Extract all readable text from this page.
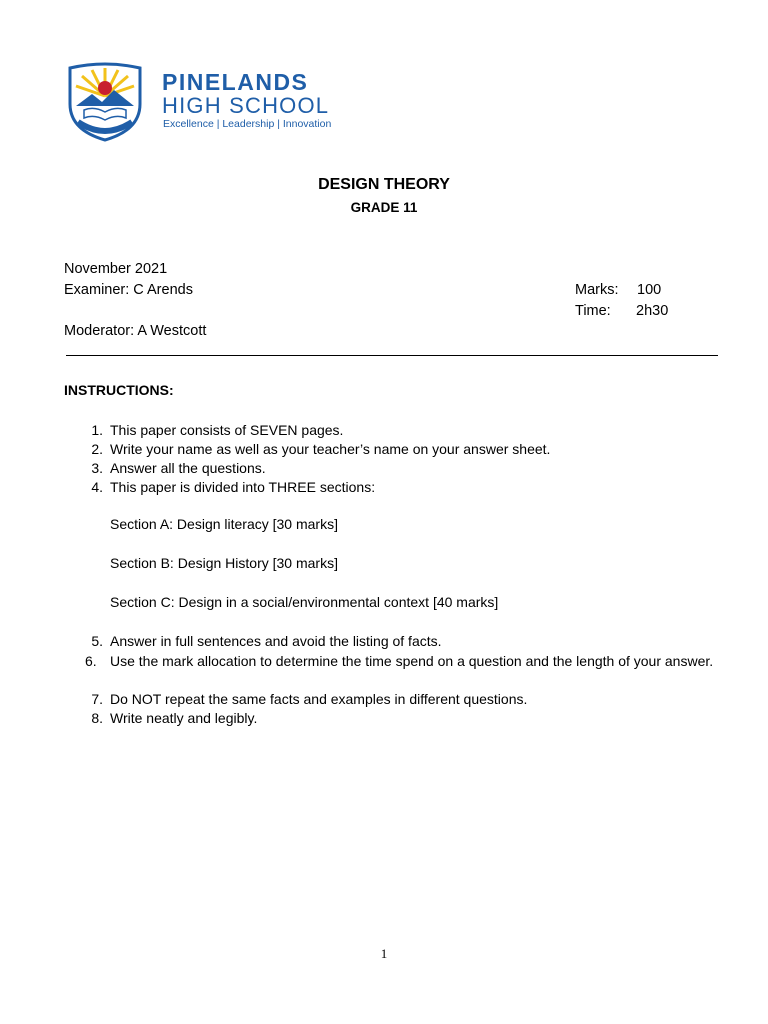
PINELANDS
HIGH SCHOOL
Excellence | Leadership | Innovation
DESIGN THEORY
GRADE 11
November 2021
Examiner: C Arends
Moderator: A Westcott
Marks: 100
Time: 2h30
INSTRUCTIONS:
1. This paper consists of SEVEN pages.
2. Write your name as well as your teacher’s name on your answer sheet.
3. Answer all the questions.
4. This paper is divided into THREE sections:
Section A: Design literacy [30 marks]
Section B: Design History [30 marks]
Section C: Design in a social/environmental context [40 marks]
5. Answer in full sentences and avoid the listing of facts.
6. Use the mark allocation to determine the time spend on a question and the length of your answer.
7. Do NOT repeat the same facts and examples in different questions.
8. Write neatly and legibly.
1
